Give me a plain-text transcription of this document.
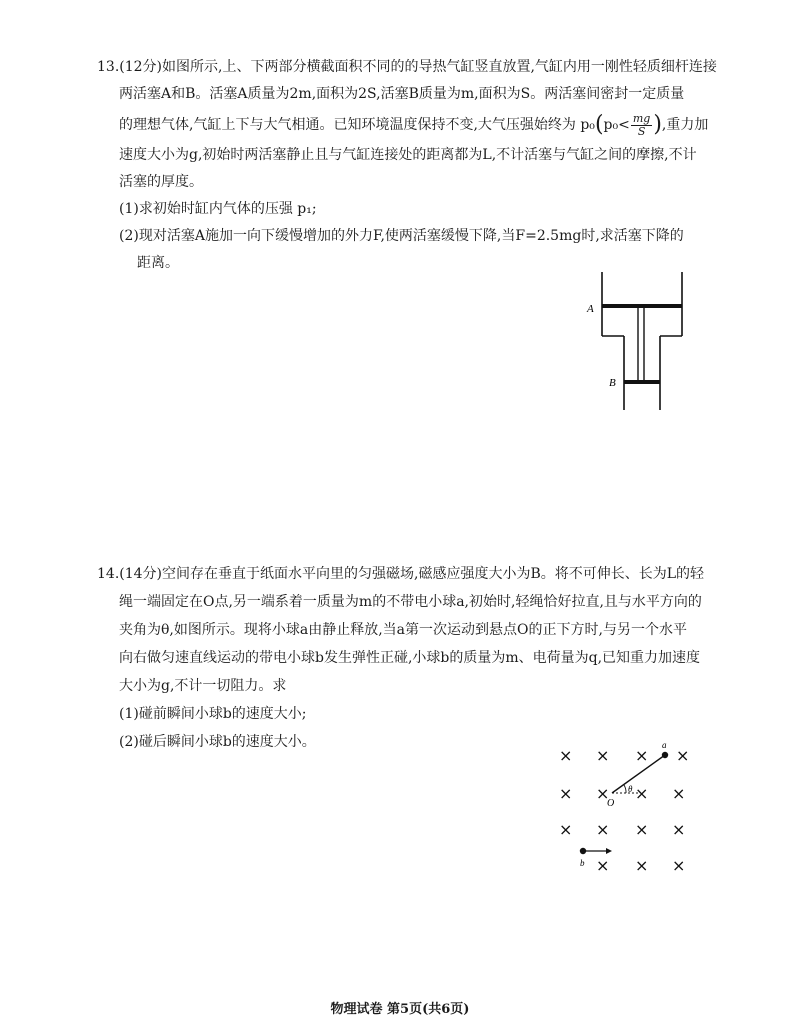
13.(12分)如图所示,上、下两部分横截面积不同的的导热气缸竖直放置,气缸内用一刚性轻质细杆连接
两活塞A和B。活塞A质量为2m,面积为2S,活塞B质量为m,面积为S。两活塞间密封一定质量
的理想气体,气缸上下与大气相通。已知环境温度保持不变,大气压强始终为 $p_0(p_0< \frac{mg}{S}$ ),重力加
速度大小为g,初始时两活塞静止且与气缸连接处的距离都为L,不计活塞与气缸之间的摩擦,不计
活塞的厚度。
(1)求初始时缸内气体的压强 p₁;
(2)现对活塞A施加一向下缓慢增加的外力F,使两活塞缓慢下降,当F=2.5mg时,求活塞下降的
距离。
A
B
14.(14分)空间存在垂直于纸面水平向里的匀强磁场,磁感应强度大小为B。将不可伸长、长为L的轻
绳一端固定在O点,另一端系着一质量为m的不带电小球a,初始时,轻绳恰好拉直,且与水平方向的
夹角为θ,如图所示。现将小球a由静止释放,当a第一次运动到悬点O的正下方时,与另一个水平
向右做匀速直线运动的带电小球b发生弹性正碰,小球b的质量为m、电荷量为q,已知重力加速度
大小为g,不计一切阻力。求
(1)碰前瞬间小球b的速度大小;
(2)碰后瞬间小球b的速度大小。
× × × ×
× × × ×
× × × ×
× × ×
a
O
θ
b
物理试卷 第5页(共6页)
